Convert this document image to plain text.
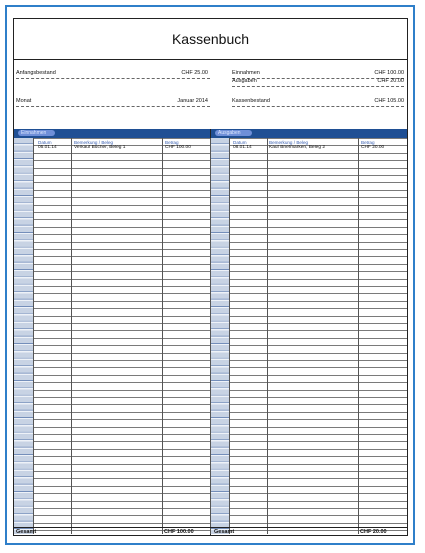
Kassenbuch
Anfangsbestand	CHF 25.00
Monat	Januar 2014
Einnahmen	CHF 100.00
Ausgaben	CHF 20.00
Kassenbestand	CHF 105.00
Einnahmen
Datum	Bemerkung / Beleg	Betrag
05.01.14	Verkauf Bücher, Beleg 1	CHF 100.00
Ausgaben
Datum	Bemerkung / Beleg	Betrag
08.01.14	Kauf Briefmarken, Beleg 2	CHF 20.00
Gesamt	CHF 100.00	Gesamt	CHF 20.00
